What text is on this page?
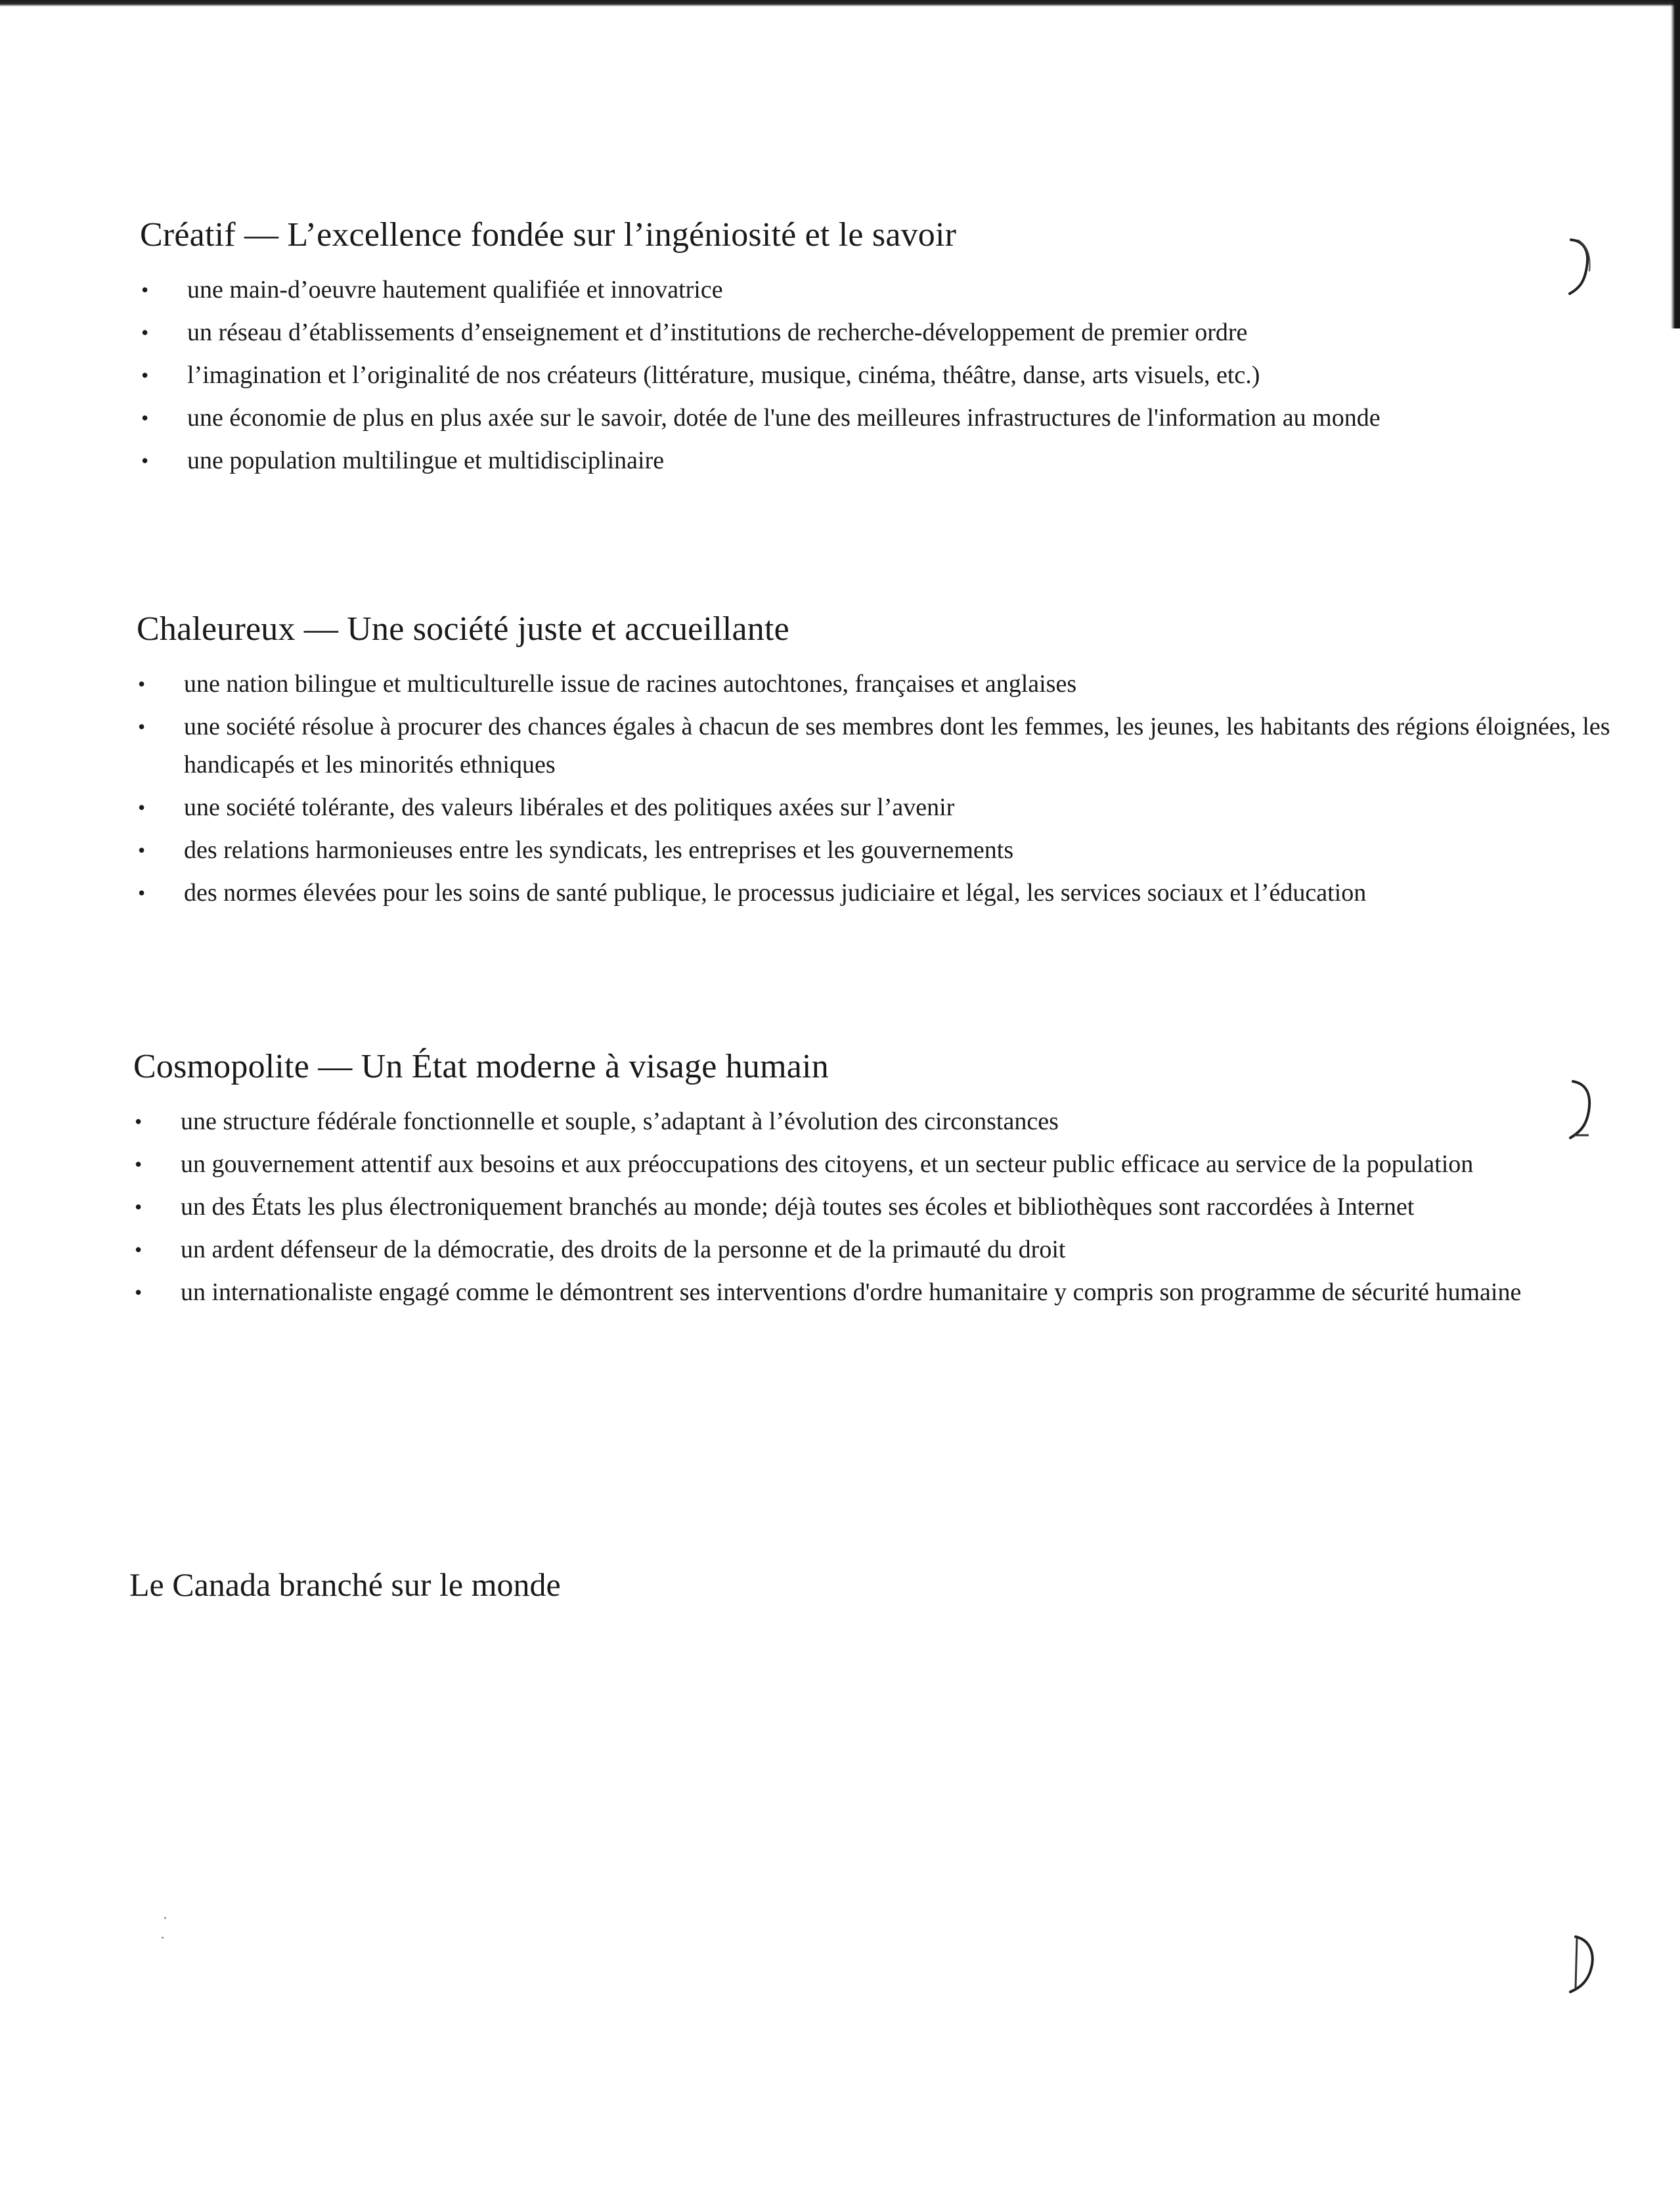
Créatif — L’excellence fondée sur l’ingéniosité et le savoir
• une main-d’oeuvre hautement qualifiée et innovatrice
• un réseau d’établissements d’enseignement et d’institutions de recherche-développement de premier ordre
• l’imagination et l’originalité de nos créateurs (littérature, musique, cinéma, théâtre, danse, arts visuels, etc.)
• une économie de plus en plus axée sur le savoir, dotée de l'une des meilleures infrastructures de l'information au monde
• une population multilingue et multidisciplinaire
Chaleureux — Une société juste et accueillante
• une nation bilingue et multiculturelle issue de racines autochtones, françaises et anglaises
• une société résolue à procurer des chances égales à chacun de ses membres dont les femmes, les jeunes, les habitants des régions éloignées, les handicapés et les minorités ethniques
• une société tolérante, des valeurs libérales et des politiques axées sur l’avenir
• des relations harmonieuses entre les syndicats, les entreprises et les gouvernements
• des normes élevées pour les soins de santé publique, le processus judiciaire et légal, les services sociaux et l’éducation
Cosmopolite — Un État moderne à visage humain
• une structure fédérale fonctionnelle et souple, s’adaptant à l’évolution des circonstances
• un gouvernement attentif aux besoins et aux préoccupations des citoyens, et un secteur public efficace au service de la population
• un des États les plus électroniquement branchés au monde; déjà toutes ses écoles et bibliothèques sont raccordées à Internet
• un ardent défenseur de la démocratie, des droits de la personne et de la primauté du droit
• un internationaliste engagé comme le démontrent ses interventions d'ordre humanitaire y compris son programme de sécurité humaine
Le Canada branché sur le monde
